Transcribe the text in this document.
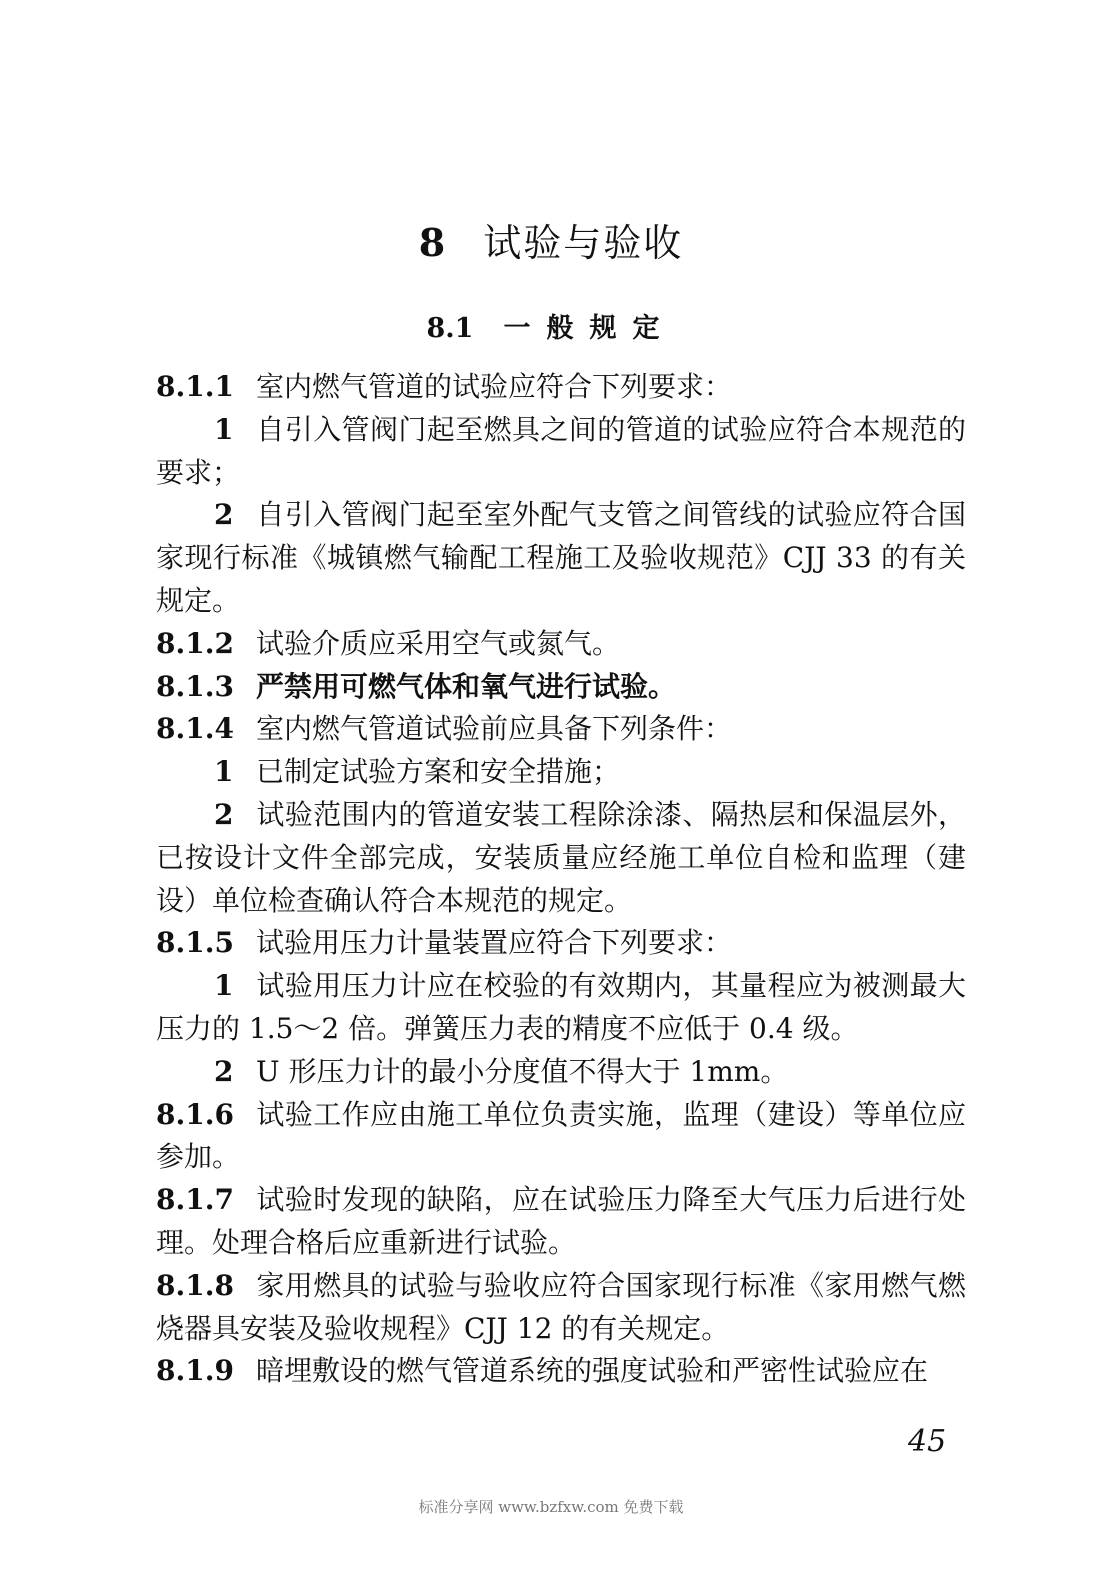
8 试验与验收
8.1 一般规定

8.1.1 室内燃气管道的试验应符合下列要求：

1 自引入管阀门起至燃具之间的管道的试验应符合本规范的要求；

2 自引入管阀门起至室外配气支管之间管线的试验应符合国家现行标准《城镇燃气输配工程施工及验收规范》CJJ 33 的有关规定。

8.1.2 试验介质应采用空气或氮气。

8.1.3 严禁用可燃气体和氧气进行试验。

8.1.4 室内燃气管道试验前应具备下列条件：

1 已制定试验方案和安全措施；

2 试验范围内的管道安装工程除涂漆、隔热层和保温层外，已按设计文件全部完成，安装质量应经施工单位自检和监理（建设）单位检查确认符合本规范的规定。

8.1.5 试验用压力计量装置应符合下列要求：

1 试验用压力计应在校验的有效期内，其量程应为被测最大压力的 1.5～2 倍。弹簧压力表的精度不应低于 0.4 级。

2 U 形压力计的最小分度值不得大于 1mm。

8.1.6 试验工作应由施工单位负责实施，监理（建设）等单位应参加。

8.1.7 试验时发现的缺陷，应在试验压力降至大气压力后进行处理。处理合格后应重新进行试验。

8.1.8 家用燃具的试验与验收应符合国家现行标准《家用燃气燃烧器具安装及验收规程》CJJ 12 的有关规定。

8.1.9 暗埋敷设的燃气管道系统的强度试验和严密性试验应在

45
标准分享网 www.bzfxw.com 免费下载
